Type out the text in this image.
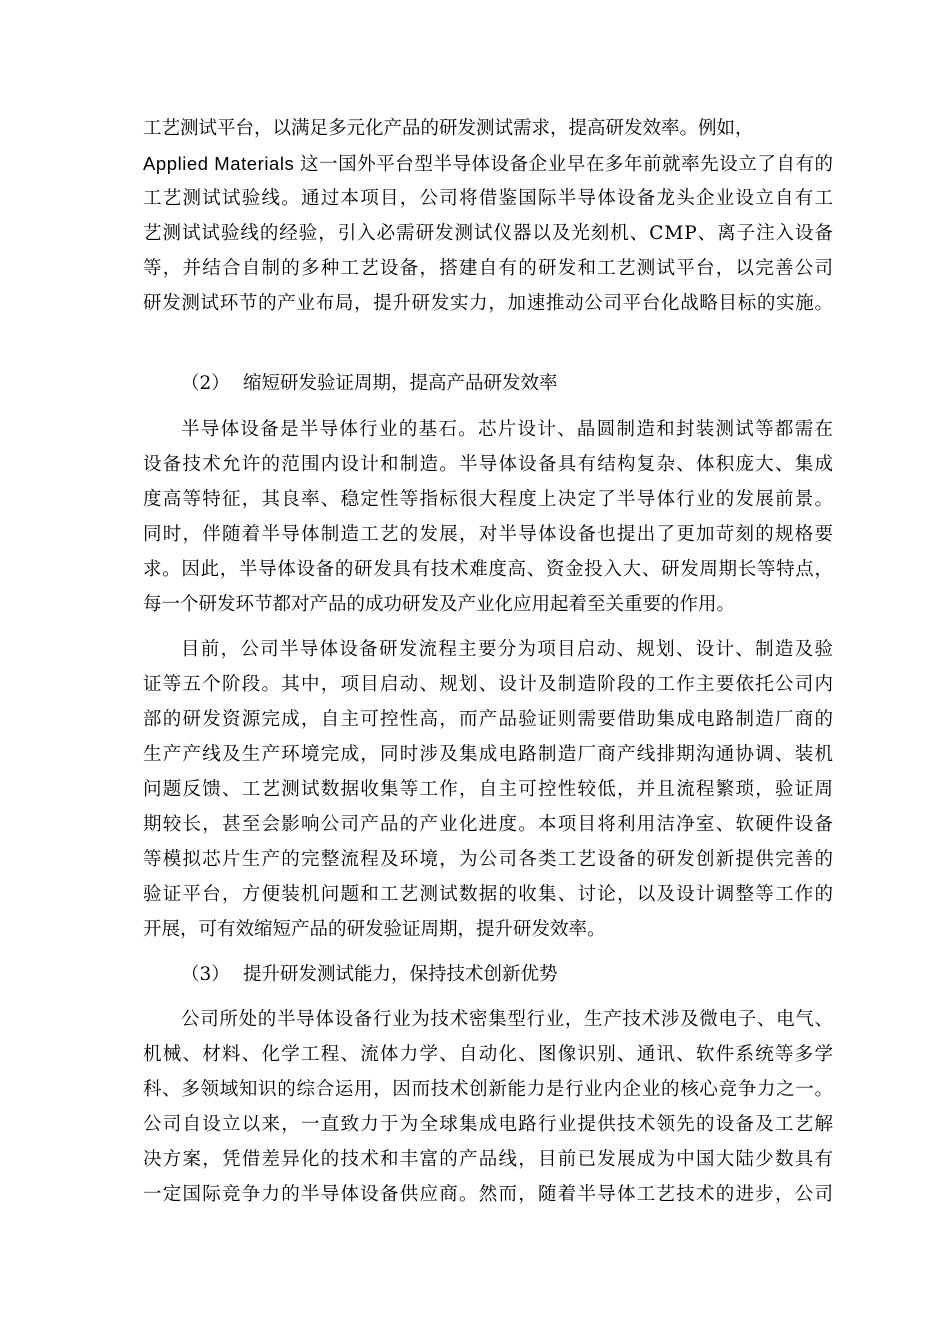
工艺测试平台，以满足多元化产品的研发测试需求，提高研发效率。例如，
Applied Materials 这一国外平台型半导体设备企业早在多年前就率先设立了自有的
工艺测试试验线。通过本项目，公司将借鉴国际半导体设备龙头企业设立自有工
艺测试试验线的经验，引入必需研发测试仪器以及光刻机、CMP、离子注入设备
等，并结合自制的多种工艺设备，搭建自有的研发和工艺测试平台，以完善公司
研发测试环节的产业布局，提升研发实力，加速推动公司平台化战略目标的实施。
（2） 缩短研发验证周期，提高产品研发效率
半导体设备是半导体行业的基石。芯片设计、晶圆制造和封装测试等都需在
设备技术允许的范围内设计和制造。半导体设备具有结构复杂、体积庞大、集成
度高等特征，其良率、稳定性等指标很大程度上决定了半导体行业的发展前景。
同时，伴随着半导体制造工艺的发展，对半导体设备也提出了更加苛刻的规格要
求。因此，半导体设备的研发具有技术难度高、资金投入大、研发周期长等特点，
每一个研发环节都对产品的成功研发及产业化应用起着至关重要的作用。
目前，公司半导体设备研发流程主要分为项目启动、规划、设计、制造及验
证等五个阶段。其中，项目启动、规划、设计及制造阶段的工作主要依托公司内
部的研发资源完成，自主可控性高，而产品验证则需要借助集成电路制造厂商的
生产产线及生产环境完成，同时涉及集成电路制造厂商产线排期沟通协调、装机
问题反馈、工艺测试数据收集等工作，自主可控性较低，并且流程繁琐，验证周
期较长，甚至会影响公司产品的产业化进度。本项目将利用洁净室、软硬件设备
等模拟芯片生产的完整流程及环境，为公司各类工艺设备的研发创新提供完善的
验证平台，方便装机问题和工艺测试数据的收集、讨论，以及设计调整等工作的
开展，可有效缩短产品的研发验证周期，提升研发效率。
（3） 提升研发测试能力，保持技术创新优势
公司所处的半导体设备行业为技术密集型行业，生产技术涉及微电子、电气、
机械、材料、化学工程、流体力学、自动化、图像识别、通讯、软件系统等多学
科、多领域知识的综合运用，因而技术创新能力是行业内企业的核心竞争力之一。
公司自设立以来，一直致力于为全球集成电路行业提供技术领先的设备及工艺解
决方案，凭借差异化的技术和丰富的产品线，目前已发展成为中国大陆少数具有
一定国际竞争力的半导体设备供应商。然而，随着半导体工艺技术的进步，公司
